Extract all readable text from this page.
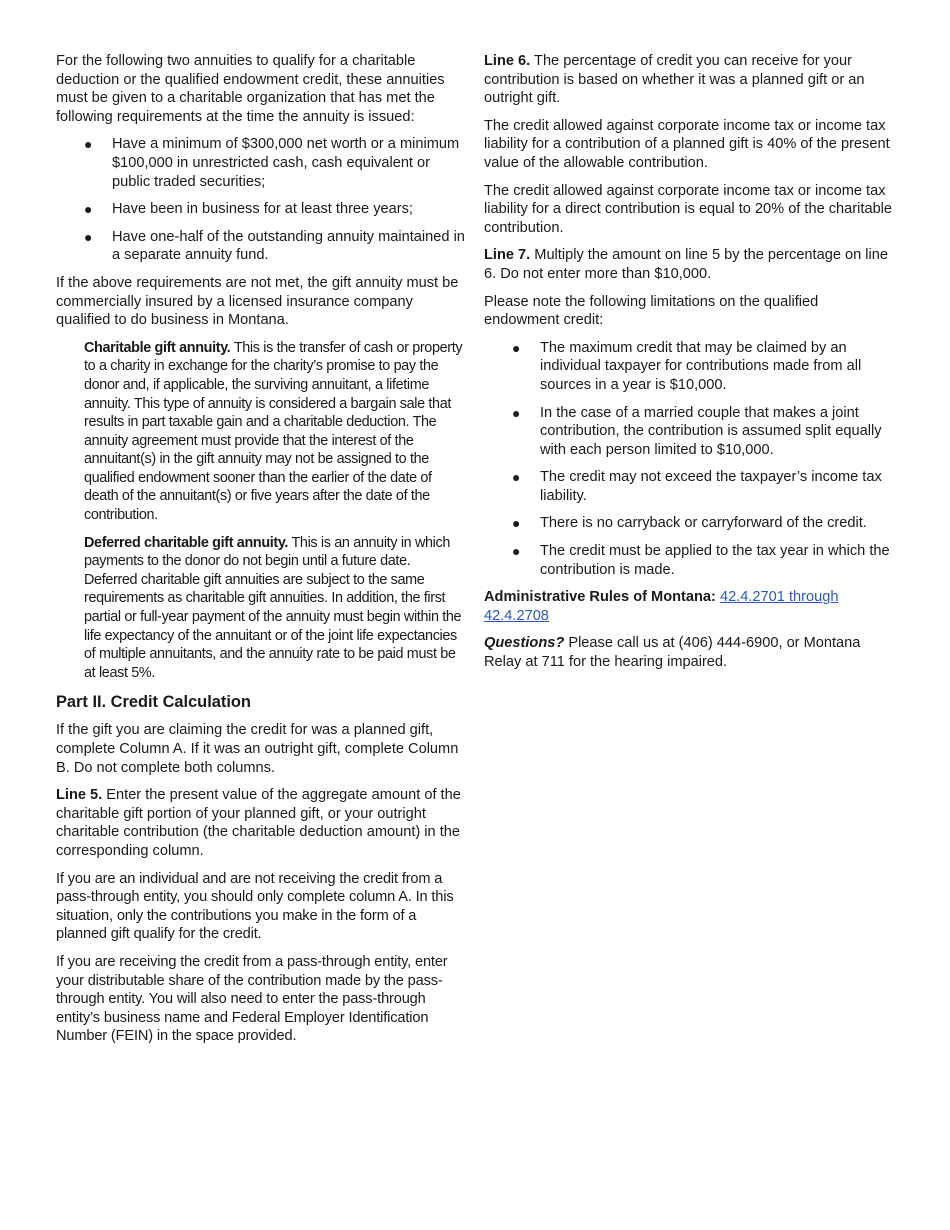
For the following two annuities to qualify for a charitable deduction or the qualified endowment credit, these annuities must be given to a charitable organization that has met the following requirements at the time the annuity is issued:

● Have a minimum of $300,000 net worth or a minimum $100,000 in unrestricted cash, cash equivalent or public traded securities;
● Have been in business for at least three years;
● Have one-half of the outstanding annuity maintained in a separate annuity fund.

If the above requirements are not met, the gift annuity must be commercially insured by a licensed insurance company qualified to do business in Montana.

Charitable gift annuity. This is the transfer of cash or property to a charity in exchange for the charity’s promise to pay the donor and, if applicable, the surviving annuitant, a lifetime annuity. This type of annuity is considered a bargain sale that results in part taxable gain and a charitable deduction. The annuity agreement must provide that the interest of the annuitant(s) in the gift annuity may not be assigned to the qualified endowment sooner than the earlier of the date of death of the annuitant(s) or five years after the date of the contribution.

Deferred charitable gift annuity. This is an annuity in which payments to the donor do not begin until a future date. Deferred charitable gift annuities are subject to the same requirements as charitable gift annuities. In addition, the first partial or full-year payment of the annuity must begin within the life expectancy of the annuitant or of the joint life expectancies of multiple annuitants, and the annuity rate to be paid must be at least 5%.

Part II. Credit Calculation

If the gift you are claiming the credit for was a planned gift, complete Column A. If it was an outright gift, complete Column B. Do not complete both columns.

Line 5. Enter the present value of the aggregate amount of the charitable gift portion of your planned gift, or your outright charitable contribution (the charitable deduction amount) in the corresponding column.

If you are an individual and are not receiving the credit from a pass-through entity, you should only complete column A. In this situation, only the contributions you make in the form of a planned gift qualify for the credit.

If you are receiving the credit from a pass-through entity, enter your distributable share of the contribution made by the pass-through entity. You will also need to enter the pass-through entity’s business name and Federal Employer Identification Number (FEIN) in the space provided.

Line 6. The percentage of credit you can receive for your contribution is based on whether it was a planned gift or an outright gift.

The credit allowed against corporate income tax or income tax liability for a contribution of a planned gift is 40% of the present value of the allowable contribution.

The credit allowed against corporate income tax or income tax liability for a direct contribution is equal to 20% of the charitable contribution.

Line 7. Multiply the amount on line 5 by the percentage on line 6. Do not enter more than $10,000.

Please note the following limitations on the qualified endowment credit:

● The maximum credit that may be claimed by an individual taxpayer for contributions made from all sources in a year is $10,000.
● In the case of a married couple that makes a joint contribution, the contribution is assumed split equally with each person limited to $10,000.
● The credit may not exceed the taxpayer’s income tax liability.
● There is no carryback or carryforward of the credit.
● The credit must be applied to the tax year in which the contribution is made.

Administrative Rules of Montana: 42.4.2701 through 42.4.2708

Questions? Please call us at (406) 444-6900, or Montana Relay at 711 for the hearing impaired.
